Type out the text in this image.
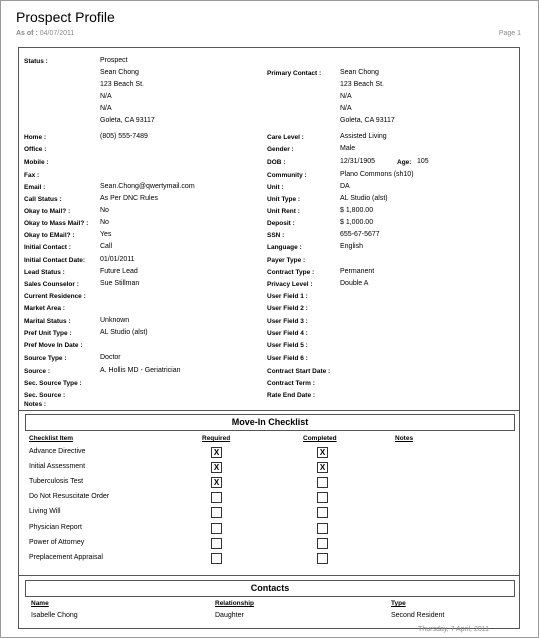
Prospect Profile
As of : 04/07/2011	Page 1
Status :	Prospect
Sean Chong
123 Beach St.
N/A
N/A
Goleta, CA 93117
Primary Contact :	Sean Chong
123 Beach St.
N/A
N/A
Goleta, CA 93117
Home :	(805) 555-7489
Office :
Mobile :
Fax :
Email :	Sean.Chong@qwertymail.com
Call Status :	As Per DNC Rules
Okay to Mail? :	No
Okay to Mass Mail? : No
Okay to EMail? :	Yes
Initial Contact :	Call
Initial Contact Date: 01/01/2011
Lead Status :	Future Lead
Sales Counselor :	Sue Stillman
Current Residence :
Market Area :
Marital Status :	Unknown
Pref Unit Type :	AL Studio (alst)
Pref Move In Date :
Source Type :	Doctor
Source :	A. Hollis MD - Geriatrician
Sec. Source Type :
Sec. Source :
Notes :
Care Level :	Assisted Living
Gender :	Male
DOB :	12/31/1905	Age: 105
Community :	Plano Commons (sh10)
Unit :	DA
Unit Type :	AL Studio (alst)
Unit Rent :	$ 1,800.00
Deposit :	$ 1,000.00
SSN :	655-67-5677
Language :	English
Payer Type :
Contract Type :	Permanent
Privacy Level :	Double A
User Field 1 :
User Field 2 :
User Field 3 :
User Field 4 :
User Field 5 :
User Field 6 :
Contract Start Date :
Contract Term :
Rate End Date :
Move-In Checklist
Checklist Item	Required	Completed	Notes
Advance Directive	X	X
Initial Assessment	X	X
Tuberculosis Test	X
Do Not Resuscitate Order
Living Will
Physician Report
Power of Attorney
Preplacement Appraisal
Contacts
Name	Relationship	Type
Isabelle Chong	Daughter	Second Resident
Thursday, 7 April, 2011
